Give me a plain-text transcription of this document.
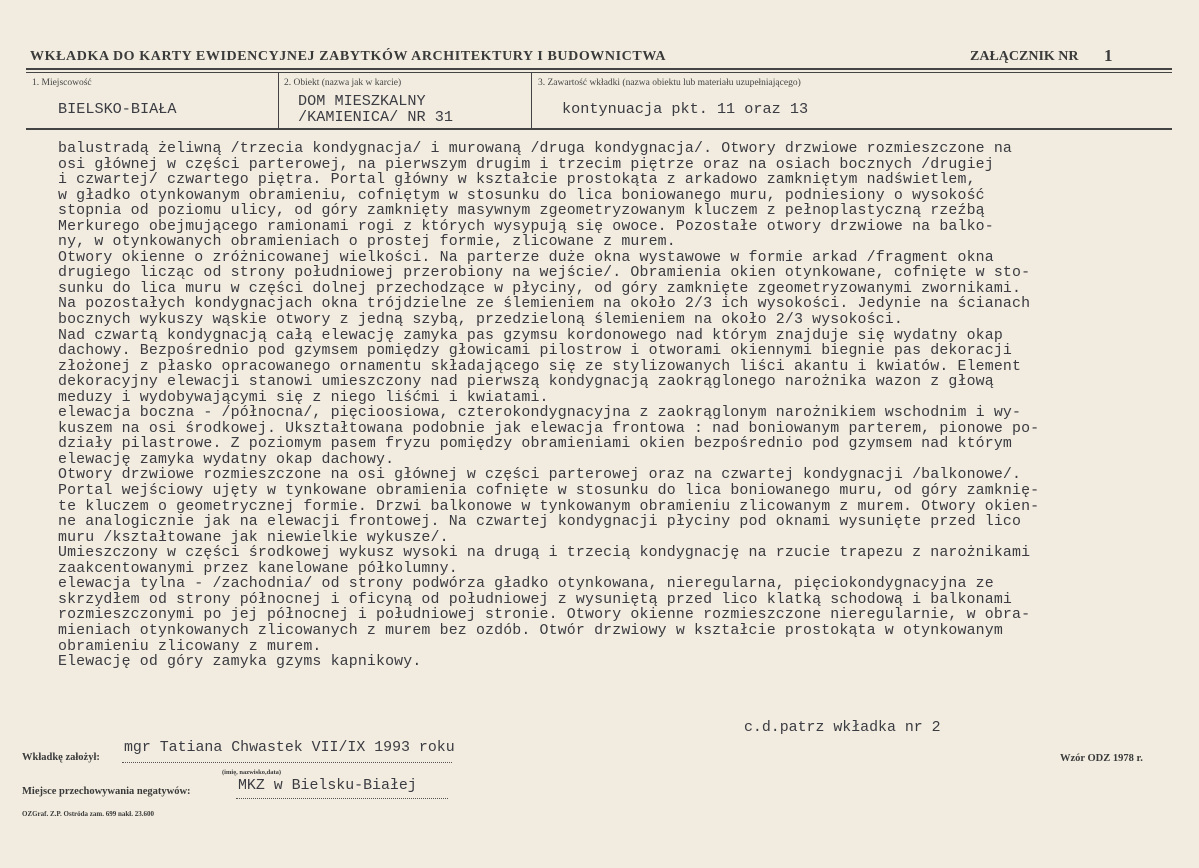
WKŁADKA DO KARTY EWIDENCYJNEJ ZABYTKÓW ARCHITEKTURY I BUDOWNICTWA	ZAŁĄCZNIK NR 1
1. Miejscowość
BIELSKO-BIAŁA
2. Obiekt (nazwa jak w karcie)
DOM MIESZKALNY
/KAMIENICA/ NR 31
3. Zawartość wkładki (nazwa obiektu lub materiału uzupełniającego)
kontynuacja pkt. 11 oraz 13
balustradą żeliwną /trzecia kondygnacja/ i murowaną /druga kondygnacja/. Otwory drzwiowe rozmieszczone na
osi głównej w części parterowej, na pierwszym drugim i trzecim piętrze oraz na osiach bocznych /drugiej
i czwartej/ czwartego piętra. Portal główny w kształcie prostokąta z arkadowo zamkniętym nadświetlem,
w gładko otynkowanym obramieniu, cofniętym w stosunku do lica boniowanego muru, podniesiony o wysokość
stopnia od poziomu ulicy, od góry zamknięty masywnym zgeometryzowanym kluczem z pełnoplastyczną rzeźbą
Merkurego obejmującego ramionami rogi z których wysypują się owoce. Pozostałe otwory drzwiowe na balko-
ny, w otynkowanych obramieniach o prostej formie, zlicowane z murem.
Otwory okienne o zróżnicowanej wielkości. Na parterze duże okna wystawowe w formie arkad /fragment okna
drugiego licząc od strony południowej przerobiony na wejście/. Obramienia okien otynkowane, cofnięte w sto-
sunku do lica muru w części dolnej przechodzące w płyciny, od góry zamknięte zgeometryzowanymi zwornikami.
Na pozostałych kondygnacjach okna trójdzielne ze ślemieniem na około 2/3 ich wysokości. Jedynie na ścianach
bocznych wykuszy wąskie otwory z jedną szybą, przedzieloną ślemieniem na około 2/3 wysokości.
Nad czwartą kondygnacją całą elewację zamyka pas gzymsu kordonowego nad którym znajduje się wydatny okap
dachowy. Bezpośrednio pod gzymsem pomiędzy głowicami pilostrow i otworami okiennymi biegnie pas dekoracji
złożonej z płasko opracowanego ornamentu składającego się ze stylizowanych liści akantu i kwiatów. Element
dekoracyjny elewacji stanowi umieszczony nad pierwszą kondygnacją zaokrąglonego narożnika wazon z głową
meduzy i wydobywającymi się z niego liśćmi i kwiatami.
elewacja boczna - /północna/, pięcioosiowa, czterokondygnacyjna z zaokrąglonym narożnikiem wschodnim i wy-
kuszem na osi środkowej. Ukształtowana podobnie jak elewacja frontowa : nad boniowanym parterem, pionowe po-
działy pilastrowe. Z poziomym pasem fryzu pomiędzy obramieniami okien bezpośrednio pod gzymsem nad którym
elewację zamyka wydatny okap dachowy.
Otwory drzwiowe rozmieszczone na osi głównej w części parterowej oraz na czwartej kondygnacji /balkonowe/.
Portal wejściowy ujęty w tynkowane obramienia cofnięte w stosunku do lica boniowanego muru, od góry zamknię-
te kluczem o geometrycznej formie. Drzwi balkonowe w tynkowanym obramieniu zlicowanym z murem. Otwory okien-
ne analogicznie jak na elewacji frontowej. Na czwartej kondygnacji płyciny pod oknami wysunięte przed lico
muru /kształtowane jak niewielkie wykusze/.
Umieszczony w części środkowej wykusz wysoki na drugą i trzecią kondygnację na rzucie trapezu z narożnikami
zaakcentowanymi przez kanelowane półkolumny.
elewacja tylna - /zachodnia/ od strony podwórza gładko otynkowana, nieregularna, pięciokondygnacyjna ze
skrzydłem od strony północnej i oficyną od południowej z wysuniętą przed lico klatką schodową i balkonami
rozmieszczonymi po jej północnej i południowej stronie. Otwory okienne rozmieszczone nieregularnie, w obra-
mieniach otynkowanych zlicowanych z murem bez ozdób. Otwór drzwiowy w kształcie prostokąta w otynkowanym
obramieniu zlicowany z murem.
Elewację od góry zamyka gzyms kapnikowy.
c.d.patrz wkładka nr 2
Wkładkę założył:
mgr Tatiana Chwastek VII/IX 1993 roku
(imię, nazwisko,data)
Miejsce przechowywania negatywów:	MKZ w Bielsku-Białej
Wzór ODZ 1978 r.
OZGraf. Z.P. Ostróda zam. 699 nakł. 23.600
